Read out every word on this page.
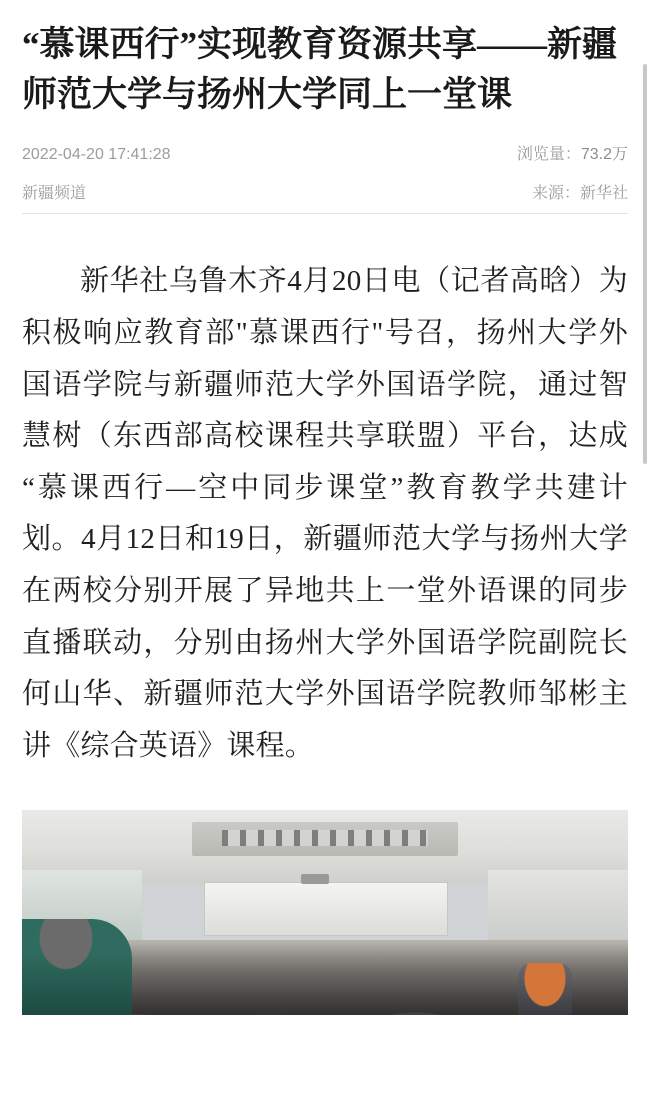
“慕课西行”实现教育资源共享——新疆师范大学与扬州大学同上一堂课
2022-04-20 17:41:28	浏览量：73.2万
新疆频道	来源：新华社

新华社乌鲁木齐4月20日电（记者高晗）为积极响应教育部"慕课西行"号召，扬州大学外国语学院与新疆师范大学外国语学院，通过智慧树（东西部高校课程共享联盟）平台，达成“慕课西行—空中同步课堂”教育教学共建计划。4月12日和19日，新疆师范大学与扬州大学在两校分别开展了异地共上一堂外语课的同步直播联动，分别由扬州大学外国语学院副院长何山华、新疆师范大学外国语学院教师邹彬主讲《综合英语》课程。
